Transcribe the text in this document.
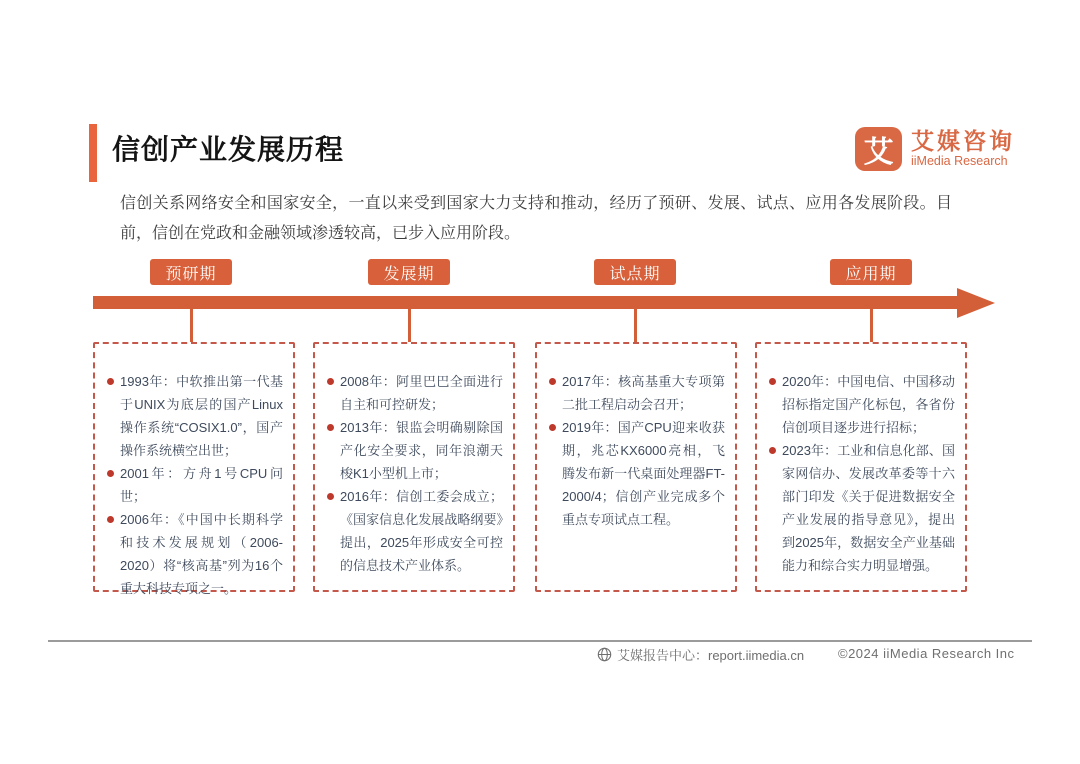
信创产业发展历程	艾 艾媒咨询
iiMedia Research
信创关系网络安全和国家安全，一直以来受到国家大力支持和推动，经历了预研、发展、试点、应用各发展阶段。目前，信创在党政和金融领域渗透较高，已步入应用阶段。
预研期	发展期	试点期	应用期
1993年：中软推出第一代基于UNIX为底层的国产Linux操作系统“COSIX1.0”，国产操作系统横空出世；
2001年：方舟1号CPU问世；
2006年：《中国中长期科学和技术发展规划（2006-2020）将“核高基”列为16个重大科技专项之一。
2008年：阿里巴巴全面进行自主和可控研发；
2013年：银监会明确剔除国产化安全要求，同年浪潮天梭K1小型机上市；
2016年：信创工委会成立；《国家信息化发展战略纲要》提出，2025年形成安全可控的信息技术产业体系。
2017年：核高基重大专项第二批工程启动会召开；
2019年：国产CPU迎来收获期，兆芯KX6000亮相，飞腾发布新一代桌面处理器FT-2000/4；信创产业完成多个重点专项试点工程。
2020年：中国电信、中国移动招标指定国产化标包，各省份信创项目逐步进行招标；
2023年：工业和信息化部、国家网信办、发展改革委等十六部门印发《关于促进数据安全产业发展的指导意见》，提出到2025年，数据安全产业基础能力和综合实力明显增强。
艾媒报告中心：report.iimedia.cn	©2024 iiMedia Research Inc
